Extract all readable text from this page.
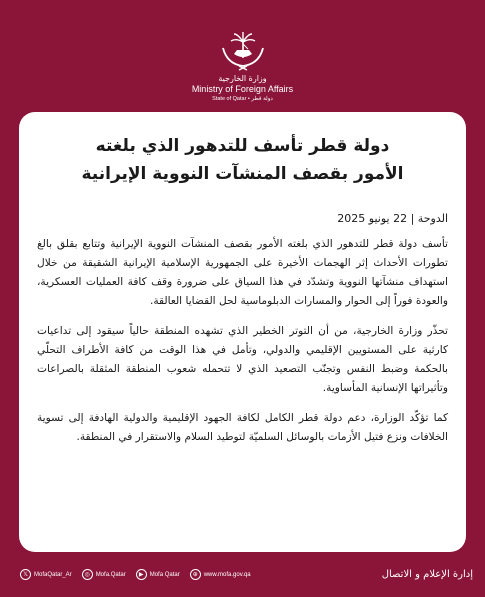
وزارة الخارجية
Ministry of Foreign Affairs
State of Qatar • دولة قطر
دولة قطر تأسف للتدهور الذي بلغته
الأمور بقصف المنشآت النووية الإيرانية
الدوحة | 22 يونيو 2025

تأسف دولة قطر للتدهور الذي بلغته الأمور بقصف المنشآت النووية الإيرانية وتتابع بقلق بالغ تطورات الأحداث إثر الهجمات الأخيرة على الجمهورية الإسلامية الإيرانية الشقيقة من خلال استهداف منشآتها النووية وتشدّد في هذا السياق على ضرورة وقف كافة العمليات العسكرية، والعودة فوراً إلى الحوار والمسارات الدبلوماسية لحل القضايا العالقة.

تحذّر وزارة الخارجية، من أن التوتر الخطير الذي تشهده المنطقة حالياً سيقود إلى تداعيات كارثية على المستويين الإقليمي والدولي، وتأمل في هذا الوقت من كافة الأطراف التحلّي بالحكمة وضبط النفس وتجنّب التصعيد الذي لا تتحمله شعوب المنطقة المثقلة بالصراعات وتأثيراتها الإنسانية المأساوية.

كما تؤكّد الوزارة، دعم دولة قطر الكامل لكافة الجهود الإقليمية والدولية الهادفة إلى تسوية الخلافات ونزع فتيل الأزمات بالوسائل السلميّة لتوطيد السلام والاستقرار في المنطقة.

𝕏	MofaQatar_Ar	◎ Mofa.Qatar	▶	Mofa Qatar	⊕ www.mofa.gov.qa	إدارة الإعلام و الاتصال
